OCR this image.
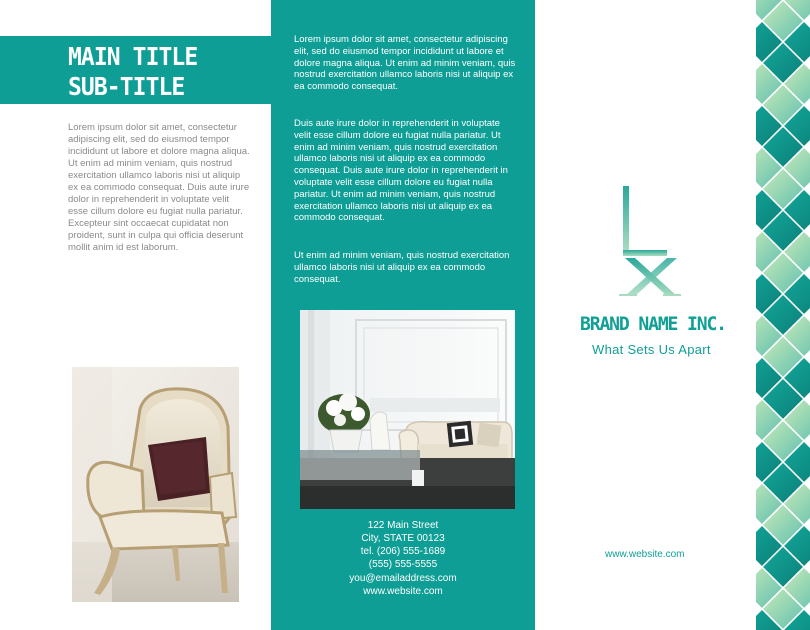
MAIN TITLE
SUB-TITLE
Lorem ipsum dolor sit amet, consectetur adipiscing elit, sed do eiusmod tempor incididunt ut labore et dolore magna aliqua. Ut enim ad minim veniam, quis nostrud exercitation ullamco laboris nisi ut aliquip ex ea commodo consequat. Duis aute irure dolor in reprehenderit in voluptate velit esse cillum dolore eu fugiat nulla pariatur. Excepteur sint occaecat cupidatat non proident, sunt in culpa qui officia deserunt mollit anim id est laborum.
Lorem ipsum dolor sit amet, consectetur adipiscing elit, sed do eiusmod tempor incididunt ut labore et dolore magna aliqua. Ut enim ad minim veniam, quis nostrud exercitation ullamco laboris nisi ut aliquip ex ea commodo consequat.
Duis aute irure dolor in reprehenderit in voluptate velit esse cillum dolore eu fugiat nulla pariatur. Ut enim ad minim veniam, quis nostrud exercitation ullamco laboris nisi ut aliquip ex ea commodo consequat. Duis aute irure dolor in reprehenderit in voluptate velit esse cillum dolore eu fugiat nulla pariatur. Ut enim ad minim veniam, quis nostrud exercitation ullamco laboris nisi ut aliquip ex ea commodo consequat.
Ut enim ad minim veniam, quis nostrud exercitation ullamco laboris nisi ut aliquip ex ea commodo consequat.
122 Main Street
City, STATE 00123
tel. (206) 555-1689
(555) 555-5555
you@emailaddress.com
www.website.com
BRAND NAME INC.
What Sets Us Apart
www.website.com
